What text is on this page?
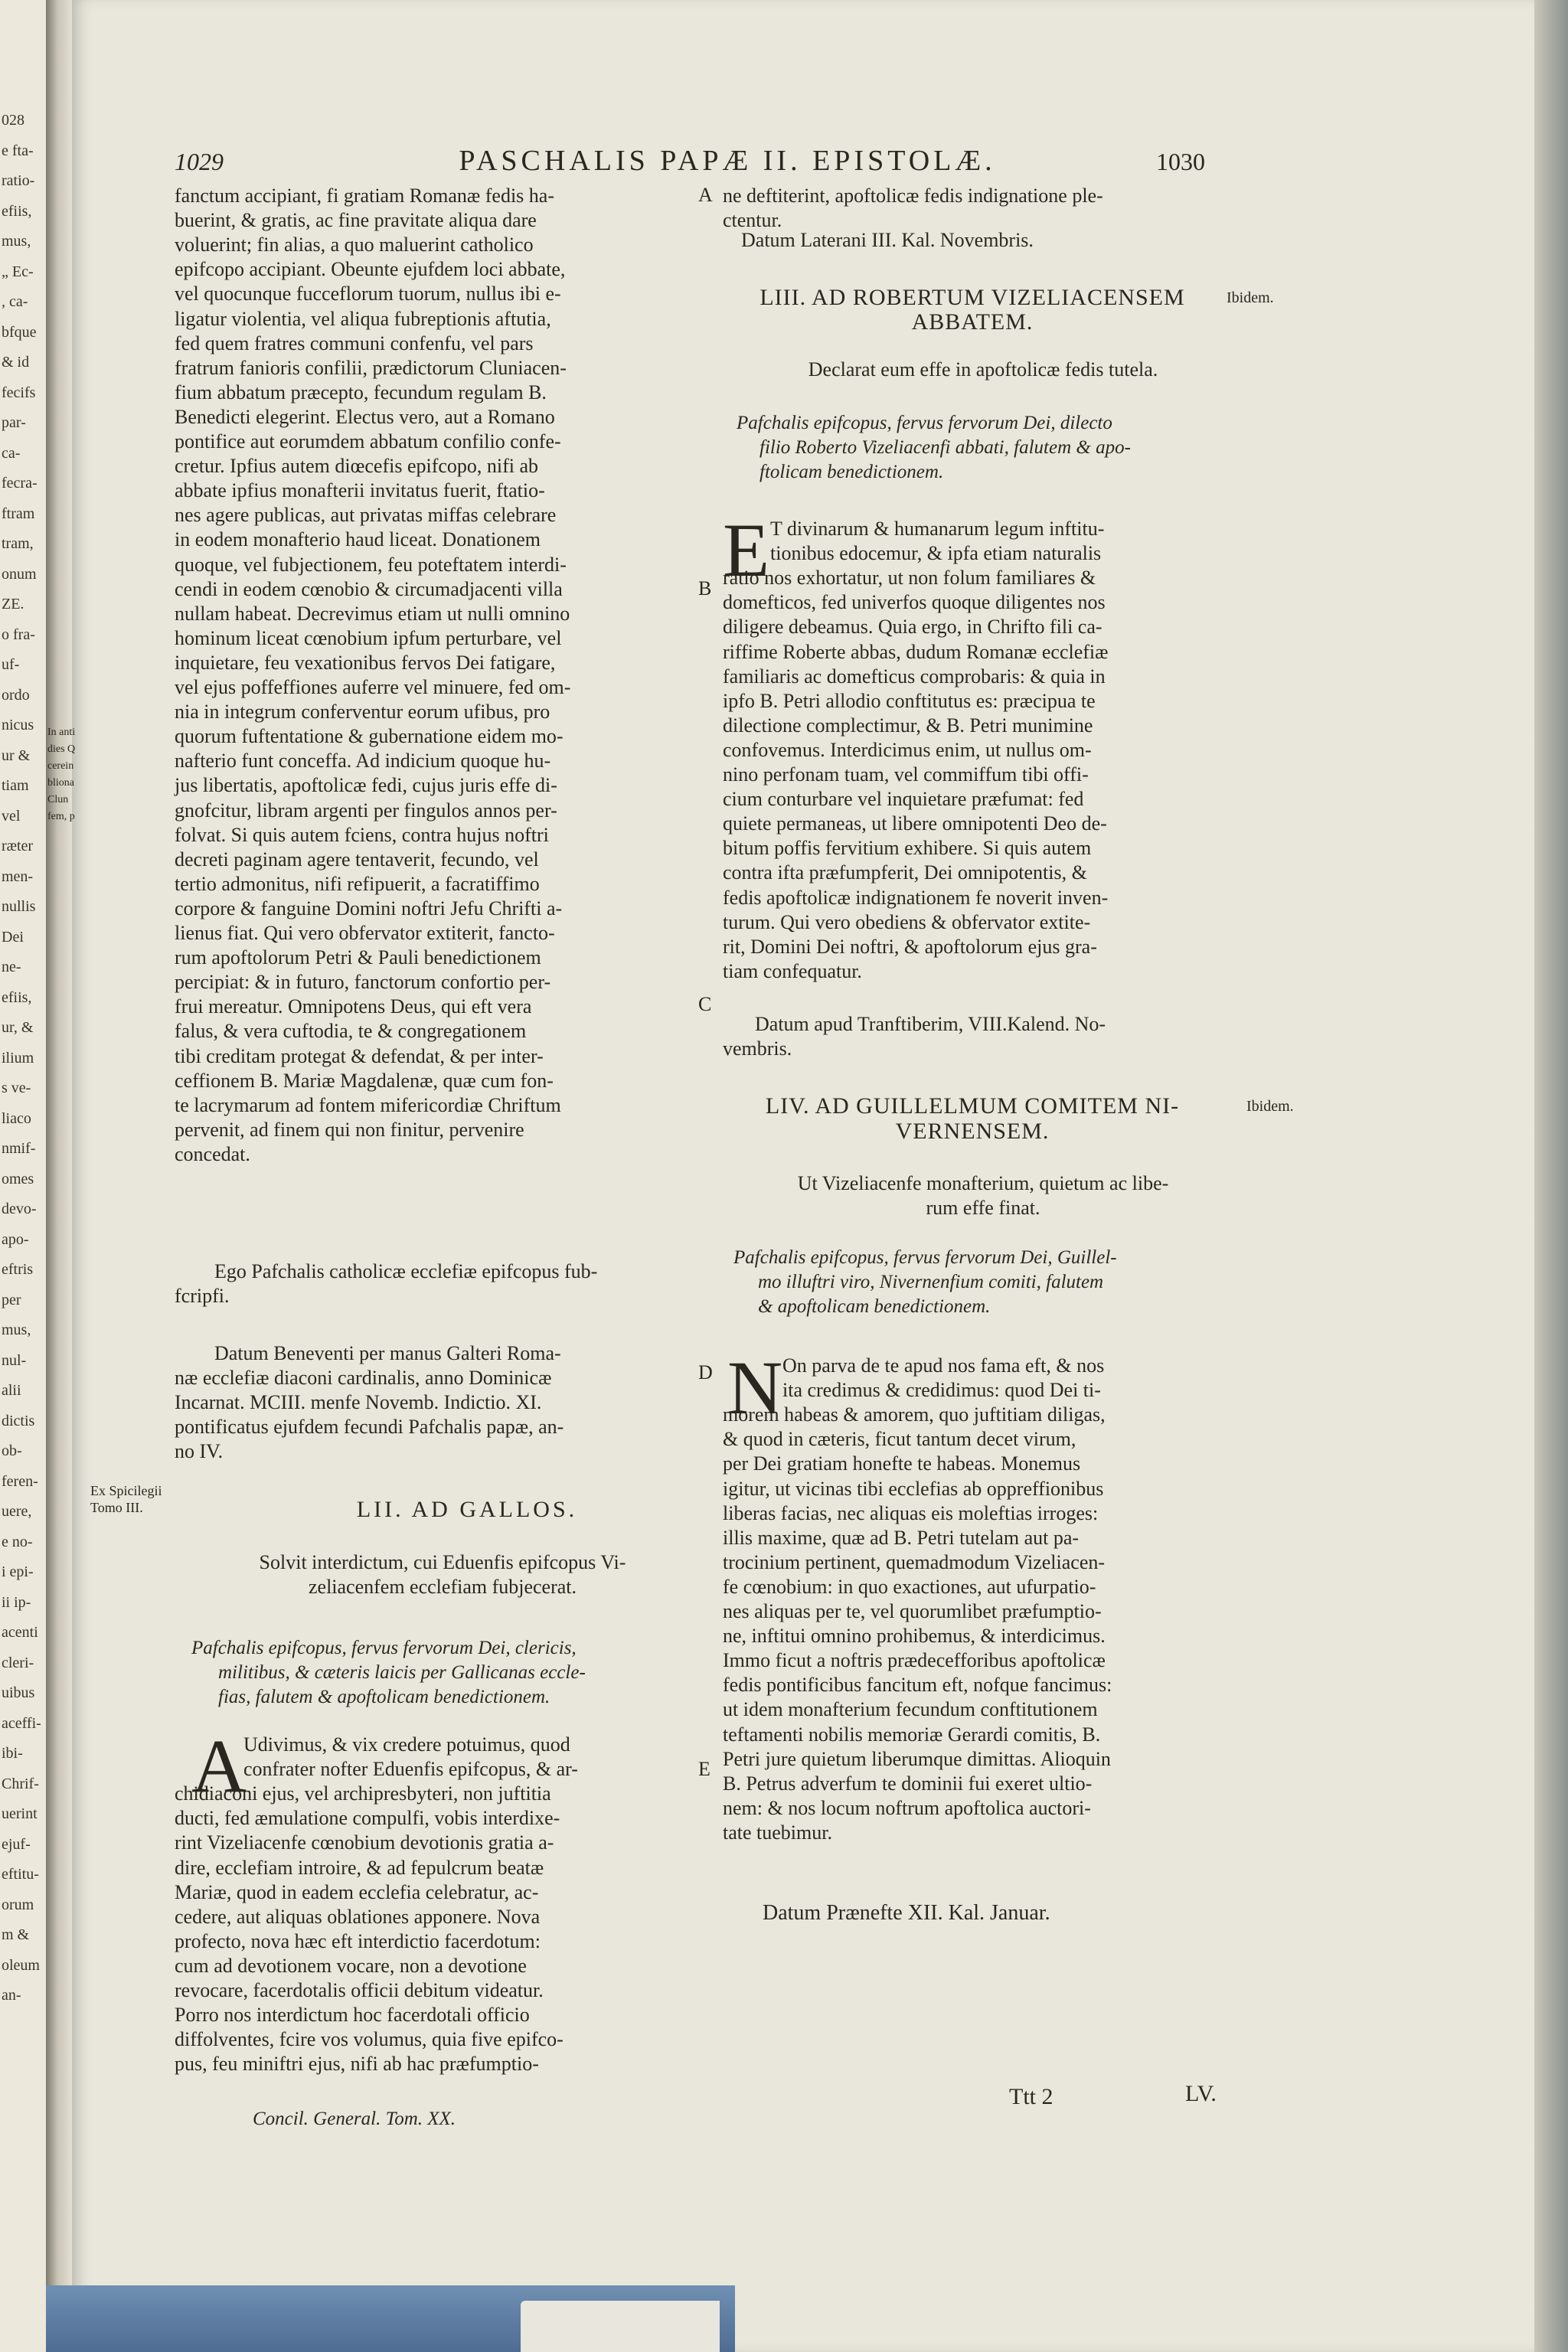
028
e fta-
ratio-
efiis,
mus,
„ Ec-
, ca-
bfque
& id
fecifs
par-
ca-
fecra-
ftram
tram,
onum
ZE.
o fra-
uf-
ordo
nicus
ur &
tiam
vel
ræter
men-
nullis
Dei
ne-
efiis,
ur, &
ilium
s ve-
liaco
nmif-
omes
devo-
apo-
eftris
per
mus,
nul-
alii
dictis
ob-
feren-
uere,
e no-
i epi-
ii ip-
acenti
cleri-
uibus
aceffi-
ibi-
Chrif-
uerint
ejuf-
eftitu-
orum
m &
oleum
an-
1029	PASCHALIS PAPÆ II. EPISTOLÆ.	1030
fanctum accipiant, fi gratiam Romanæ fedis ha-
buerint, & gratis, ac fine pravitate aliqua dare
voluerint; fin alias, a quo maluerint catholico
epifcopo accipiant. Obeunte ejufdem loci abbate,
vel quocunque fucceflorum tuorum, nullus ibi e-
ligatur violentia, vel aliqua fubreptionis aftutia,
fed quem fratres communi confenfu, vel pars
fratrum fanioris confilii, prædictorum Cluniacen-
fium abbatum præcepto, fecundum regulam B.
Benedicti elegerint. Electus vero, aut a Romano
pontifice aut eorumdem abbatum confilio confe-
cretur. Ipfius autem diœcefis epifcopo, nifi ab
abbate ipfius monafterii invitatus fuerit, ftatio-
nes agere publicas, aut privatas miffas celebrare
in eodem monafterio haud liceat. Donationem
quoque, vel fubjectionem, feu poteftatem interdi-
cendi in eodem cœnobio & circumadjacenti villa
nullam habeat. Decrevimus etiam ut nulli omnino
hominum liceat cœnobium ipfum perturbare, vel
inquietare, feu vexationibus fervos Dei fatigare,
vel ejus poffeffiones auferre vel minuere, fed om-
nia in integrum conferventur eorum ufibus, pro
quorum fuftentatione & gubernatione eidem mo-
nafterio funt conceffa. Ad indicium quoque hu-
jus libertatis, apoftolicæ fedi, cujus juris effe di-
gnofcitur, libram argenti per fingulos annos per-
folvat. Si quis autem fciens, contra hujus noftri
decreti paginam agere tentaverit, fecundo, vel
tertio admonitus, nifi refipuerit, a facratiffimo
corpore & fanguine Domini noftri Jefu Chrifti a-
lienus fiat. Qui vero obfervator extiterit, fancto-
rum apoftolorum Petri & Pauli benedictionem
percipiat: & in futuro, fanctorum confortio per-
frui mereatur. Omnipotens Deus, qui eft vera
falus, & vera cuftodia, te & congregationem
tibi creditam protegat & defendat, & per inter-
ceffionem B. Mariæ Magdalenæ, quæ cum fon-
te lacrymarum ad fontem mifericordiæ Chriftum
pervenit, ad finem qui non finitur, pervenire
concedat.
Ego Pafchalis catholicæ ecclefiæ epifcopus fub-
fcripfi.
Datum Beneventi per manus Galteri Roma-
næ ecclefiæ diaconi cardinalis, anno Dominicæ
Incarnat. MCIII. menfe Novemb. Indictio. XI.
pontificatus ejufdem fecundi Pafchalis papæ, an-
no IV.
LII. AD GALLOS.
Solvit interdictum, cui Eduenfis epifcopus Vi-
zeliacenfem ecclefiam fubjecerat.
Pafchalis epifcopus, fervus fervorum Dei, clericis,
militibus, & cæteris laicis per Gallicanas eccle-
fias, falutem & apoftolicam benedictionem.
A
Udivimus, & vix credere potuimus, quod
confrater nofter Eduenfis epifcopus, & ar-
chidiaconi ejus, vel archipresbyteri, non juftitia
ducti, fed æmulatione compulfi, vobis interdixe-
rint Vizeliacenfe cœnobium devotionis gratia a-
dire, ecclefiam introire, & ad fepulcrum beatæ
Mariæ, quod in eadem ecclefia celebratur, ac-
cedere, aut aliquas oblationes apponere. Nova
profecto, nova hæc eft interdictio facerdotum:
cum ad devotionem vocare, non a devotione
revocare, facerdotalis officii debitum videatur.
Porro nos interdictum hoc facerdotali officio
diffolventes, fcire vos volumus, quia five epifco-
pus, feu miniftri ejus, nifi ab hac præfumptio-
Concil. General. Tom. XX.
ne deftiterint, apoftolicæ fedis indignatione ple-
ctentur.
Datum Laterani III. Kal. Novembris.
LIII. AD ROBERTUM VIZELIACENSEM
ABBATEM.
Declarat eum effe in apoftolicæ fedis tutela.
Pafchalis epifcopus, fervus fervorum Dei, dilecto
filio Roberto Vizeliacenfi abbati, falutem & apo-
ftolicam benedictionem.
E T divinarum & humanarum legum inftitu-
tionibus edocemur, & ipfa etiam naturalis
ratio nos exhortatur, ut non folum familiares &
domefticos, fed univerfos quoque diligentes nos
diligere debeamus. Quia ergo, in Chrifto fili ca-
riffime Roberte abbas, dudum Romanæ ecclefiæ
familiaris ac domefticus comprobaris: & quia in
ipfo B. Petri allodio conftitutus es: præcipua te
dilectione complectimur, & B. Petri munimine
confovemus. Interdicimus enim, ut nullus om-
nino perfonam tuam, vel commiffum tibi offi-
cium conturbare vel inquietare præfumat: fed
quiete permaneas, ut libere omnipotenti Deo de-
bitum poffis fervitium exhibere. Si quis autem
contra ifta præfumpferit, Dei omnipotentis, &
fedis apoftolicæ indignationem fe noverit inven-
turum. Qui vero obediens & obfervator extite-
rit, Domini Dei noftri, & apoftolorum ejus gra-
tiam confequatur.
Datum apud Tranftiberim, VIII.Kalend. No-
vembris.
LIV. AD GUILLELMUM COMITEM NI-
VERNENSEM.
Ut Vizeliacenfe monafterium, quietum ac libe-
rum effe finat.
Pafchalis epifcopus, fervus fervorum Dei, Guillel-
mo illuftri viro, Nivernenfium comiti, falutem
& apoftolicam benedictionem.
N On parva de te apud nos fama eft, & nos
ita credimus & credidimus: quod Dei ti-
morem habeas & amorem, quo juftitiam diligas,
& quod in cæteris, ficut tantum decet virum,
per Dei gratiam honefte te habeas. Monemus
igitur, ut vicinas tibi ecclefias ab oppreffionibus
liberas facias, nec aliquas eis moleftias irroges:
illis maxime, quæ ad B. Petri tutelam aut pa-
trocinium pertinent, quemadmodum Vizeliacen-
fe cœnobium: in quo exactiones, aut ufurpatio-
nes aliquas per te, vel quorumlibet præfumptio-
ne, inftitui omnino prohibemus, & interdicimus.
Immo ficut a noftris prædecefforibus apoftolicæ
fedis pontificibus fancitum eft, nofque fancimus:
ut idem monafterium fecundum conftitutionem
teftamenti nobilis memoriæ Gerardi comitis, B.
Petri jure quietum liberumque dimittas. Alioquin
B. Petrus adverfum te dominii fui exeret ultio-
nem: & nos locum noftrum apoftolica auctori-
tate tuebimur.
Datum Prænefte XII. Kal. Januar.
Ibidem.
Ibidem.
Ex Spicilegii
Tomo III.
Ttt 2	LV.
In anti
dies Q
cerein
bliona
Clun
fem, p
A
B
C
D
E
